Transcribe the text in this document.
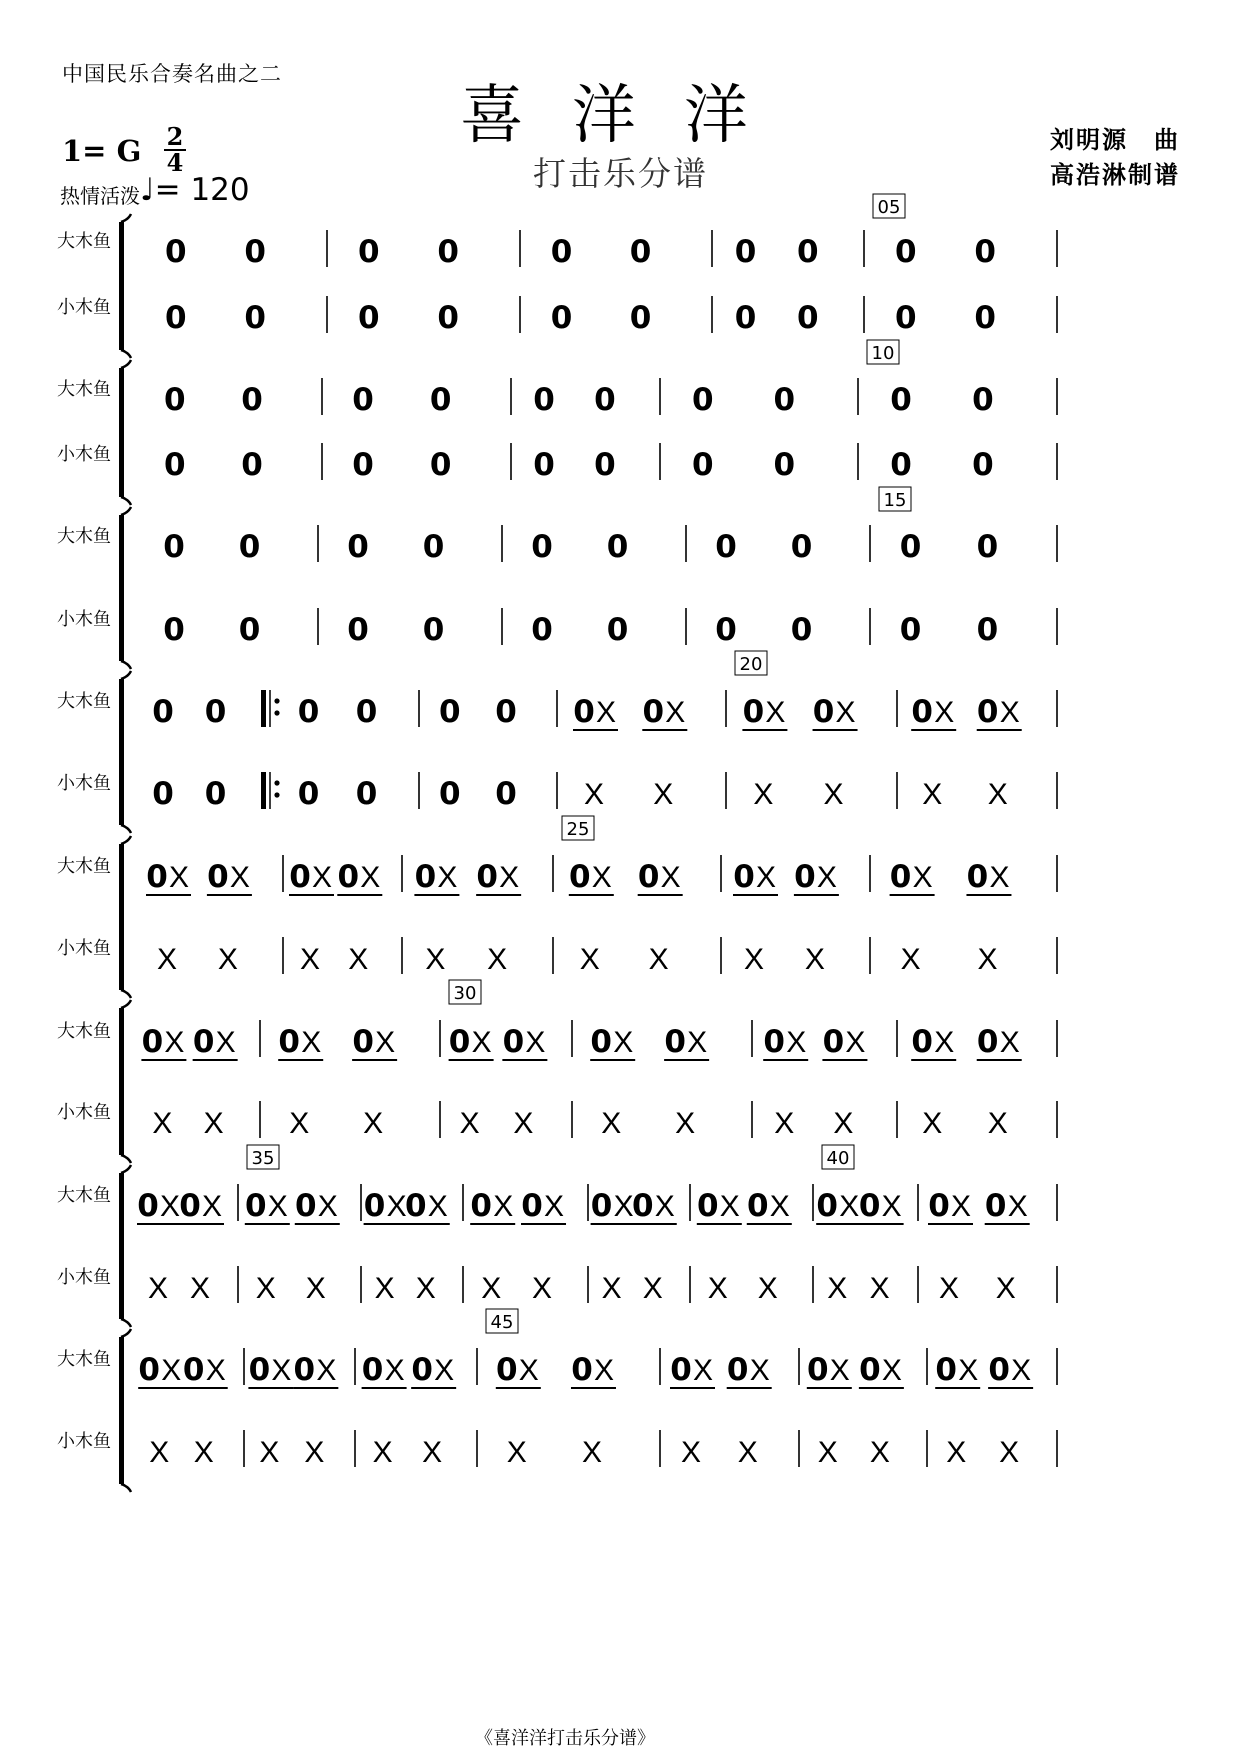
中国民乐合奏名曲之二
喜洋洋
打击乐分谱
刘明源　曲
高浩淋制谱
1= G 2
4
热情活泼 ♩= 120
大木鱼
小木鱼
0 0
0 0
0 0
0 0
0 0
0 0
0 0
0 0
0 0
0 0
05
大木鱼
小木鱼
0 0
0 0
0 0
0 0
0 0
0 0
0 0
0 0
0 0
0 0
10
大木鱼
小木鱼
0 0
0 0
0 0
0 0
0 0
0 0
0 0
0 0
0 0
0 0
15
大木鱼
小木鱼
0 0
0 0
0 0
0 0
0 0
0 0
0 X 0 X
X X
0 X 0 X
X X
0 X 0 X
X X
20
大木鱼
小木鱼
0 X 0 X
X X
0 X 0 X
X X
0 X 0 X
X X
0 X 0 X
X X
0 X 0 X
X X
0 X 0 X
X X
25
大木鱼
小木鱼
0 X 0 X
X X
0 X 0 X
X X
0 X 0 X
X X
0 X 0 X
X X
0 X 0 X
X X
0 X 0 X
X X
30
大木鱼
小木鱼
0 X 0 X
X X
0 X 0 X
X X
0 X
0 X
X X
0 X 0 X
X X
0 X
0 X
X X
0 X 0 X
X X
0 X 0 X
X X
0 X 0 X
X X
35	40
大木鱼
小木鱼
0 X 0 X
X X
0 X 0 X
X X
0 X 0 X
X X
0 X 0 X
X X
0 X 0 X
X X
0 X 0 X
X X
0 X 0 X
X X
45
《喜洋洋打击乐分谱》
